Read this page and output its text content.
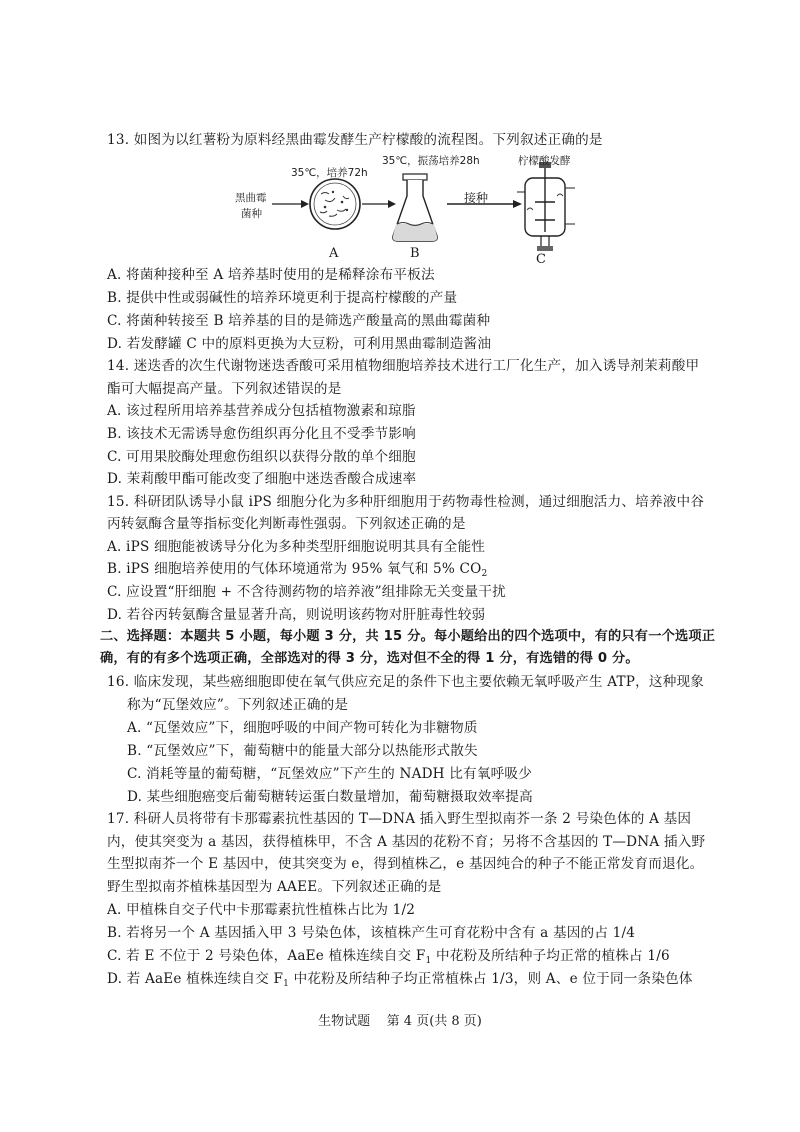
13. 如图为以红薯粉为原料经黑曲霉发酵生产柠檬酸的流程图。下列叙述正确的是
黑曲霉
菌种
35℃，培养72h
35℃，振荡培养28h
接种
柠檬酸发酵
A	B	C
A. 将菌种接种至 A 培养基时使用的是稀释涂布平板法
B. 提供中性或弱碱性的培养环境更利于提高柠檬酸的产量
C. 将菌种转接至 B 培养基的目的是筛选产酸量高的黑曲霉菌种
D. 若发酵罐 C 中的原料更换为大豆粉，可利用黑曲霉制造酱油
14. 迷迭香的次生代谢物迷迭香酸可采用植物细胞培养技术进行工厂化生产，加入诱导剂茉莉酸甲
酯可大幅提高产量。下列叙述错误的是
A. 该过程所用培养基营养成分包括植物激素和琼脂
B. 该技术无需诱导愈伤组织再分化且不受季节影响
C. 可用果胶酶处理愈伤组织以获得分散的单个细胞
D. 茉莉酸甲酯可能改变了细胞中迷迭香酸合成速率
15. 科研团队诱导小鼠 iPS 细胞分化为多种肝细胞用于药物毒性检测，通过细胞活力、培养液中谷
丙转氨酶含量等指标变化判断毒性强弱。下列叙述正确的是
A. iPS 细胞能被诱导分化为多种类型肝细胞说明其具有全能性
B. iPS 细胞培养使用的气体环境通常为 95% 氧气和 5% $CO_2$
C. 应设置“肝细胞 + 不含待测药物的培养液”组排除无关变量干扰
D. 若谷丙转氨酶含量显著升高，则说明该药物对肝脏毒性较弱
二、选择题：本题共 5 小题，每小题 3 分，共 15 分。每小题给出的四个选项中，有的只有一个选项正
确，有的有多个选项正确，全部选对的得 3 分，选对但不全的得 1 分，有选错的得 0 分。
16. 临床发现，某些癌细胞即使在氧气供应充足的条件下也主要依赖无氧呼吸产生 ATP，这种现象
称为“瓦堡效应”。下列叙述正确的是
A. “瓦堡效应”下，细胞呼吸的中间产物可转化为非糖物质
B. “瓦堡效应”下，葡萄糖中的能量大部分以热能形式散失
C. 消耗等量的葡萄糖，“瓦堡效应”下产生的 NADH 比有氧呼吸少
D. 某些细胞癌变后葡萄糖转运蛋白数量增加，葡萄糖摄取效率提高
17. 科研人员将带有卡那霉素抗性基因的 T—DNA 插入野生型拟南芥一条 2 号染色体的 A 基因
内，使其突变为 a 基因，获得植株甲，不含 A 基因的花粉不育；另将不含基因的 T—DNA 插入野
生型拟南芥一个 E 基因中，使其突变为 e，得到植株乙，e 基因纯合的种子不能正常发育而退化。
野生型拟南芥植株基因型为 AAEE。下列叙述正确的是
A. 甲植株自交子代中卡那霉素抗性植株占比为 1/2
B. 若将另一个 A 基因插入甲 3 号染色体，该植株产生可育花粉中含有 a 基因的占 1/4
C. 若 E 不位于 2 号染色体，AaEe 植株连续自交 $F_1$ 中花粉及所结种子均正常的植株占 1/6
D. 若 AaEe 植株连续自交 $F_1$ 中花粉及所结种子均正常植株占 1/3，则 A、e 位于同一条染色体
生物试题    第 4 页(共 8 页)
